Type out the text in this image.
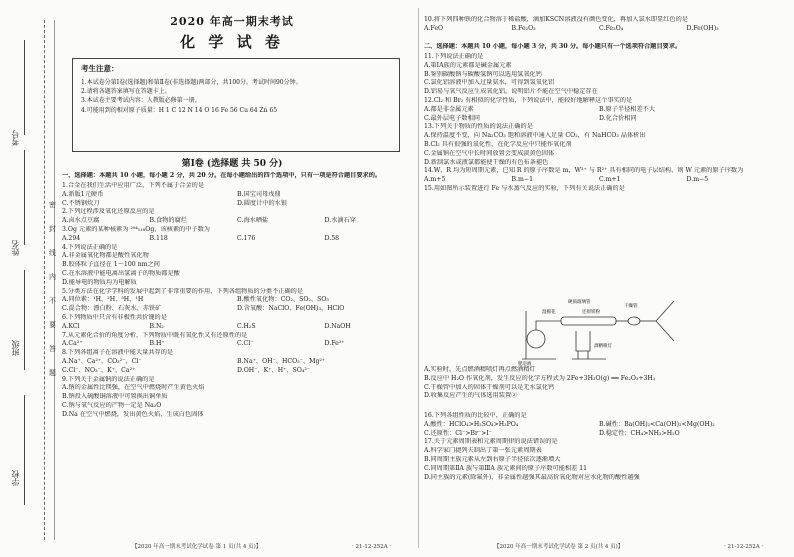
学校
班级
姓名
考号
密
封
线
内
不
要
答
题
2020 年高一期末考试
化 学 试 卷
考生注意：
1.本试卷分第Ⅰ卷(选择题)和第Ⅱ卷(非选择题)两部分，共100分。考试时间90分钟。
2.请将各题答案填写在答题卡上。
3.本试卷主要考试内容：人教版必修第一册。
4.可能用到的相对原子质量：H 1 C 12 N 14 O 16 Fe 56 Cu 64 Zn 65
第Ⅰ卷 (选择题 共 50 分)
一、选择题：本题共 10 小题，每小题 2 分，共 20 分。在每小题给出的四个选项中，只有一项是符合题目要求的。
1.合金在我们生活中应用广泛，下列不属于合金的是
A.新版1元硬币	B.国宝司母戊鼎
C.不锈钢炊刀	D.圆度计中的水银
2.下列过程涉及氧化还原反应的是
A.卤水点豆腐	B.食物的腐烂	C.海水晒盐	D.水滴石穿
3.Og 元素的某种核素为 ²⁹⁴₁₁₈Og，该核素的中子数为
A.294	B.118	C.176	D.58
4.下列说法正确的是
A.非金属氧化物都是酸性氧化物
B.胶体粒子直径在 1～100 nm之间
C.在水溶液中能电离出氢离子的物质都是酸
D.能导电的物质均为电解质
5.分类方法在化学学科的发展中起到了非常重要的作用，下列各组物质的分类不正确的是
A.同位素：¹H、²H、³H、¹H	B.酸性氧化物：CO₂、SO₂、SO₃
C.混合物：漂白粉、石灰水、赤铁矿	D.含氧酸：NaClO、Fe(OH)₃、HClO
6.下列物质中只含有非极性共价键的是
A.KCl	B.N₂	C.H₂S	D.NaOH
7.从元素化合价的角度分析，下列物质中既有氧化性又有还原性的是
A.Ca²⁺	B.H⁺	C.Cl⁻	D.Fe²⁺
8.下列各组离子在溶液中能大量共存的是
A.Na⁺、Ca²⁺、CO₃²⁻、Cl⁻	B.Na⁺、OH⁻、HCO₃⁻、Mg²⁺
C.Cl⁻、NO₃⁻、K⁺、Ca²⁺	D.OH⁻、K⁺、H⁺、SO₄²⁻
9.下列关于金属钠的说法正确的是
A.钠的金属性比镁强，在空气中燃烧时产生黄色火焰
B.钠投入硫酸铜溶液中可置换出铜单质
C.钠与氧气反应的产物一定是 Na₂O
D.Na 在空气中燃烧，发出黄色火焰，生成白色固体
【2020 年高一期末考试化学试卷 第 1 页(共 4 页)】	· 21-12-252A ·
10.将下列四种铁的化合物溶于稀盐酸，滴加KSCN溶液没有颜色变化，再加入氯水即显红色的是
A.FeO	B.Fe₂O₃	C.Fe₃O₄	D.Fe(OH)₃
二、选择题：本题共 10 小题，每小题 3 分，共 30 分。每小题只有一个选项符合题目要求。
11.下列说法正确的是
A.第ⅠA族的元素都是碱金属元素
B.鉴别碳酸钠与碳酸氢钠可以选用氢氧化钙
C.氯化铝溶液中加入过量氨水，可得到氢氧化铝
D.铝易与氧气反应生成氧化铝，说明铝片不能在空气中稳定存在
12.Cl₂ 和 Br₂ 有相似的化学性质，下列说法中，能较好地解释这个事实的是
A.都是非金属元素	B.原子半径相差不大
C.最外层电子数相同	D.化合价相同
13.下列关于物质的性质的说法正确的是
A.保持温度不变，向 Na₂CO₃ 饱和溶液中通入足量 CO₂，有 NaHCO₃ 晶体析出
B.Cl₂ 具有很强的氧化性，在化学反应中只能作氧化剂
C.金属钠在空气中长时间放置会变成淡黄色固体
D.新制氯水或液氯都能使干燥的有色布条褪色
14.W、R 均为短周期元素，已知 R 的原子序数是 m，W³⁺ 与 R²⁺ 具有相同的电子层结构，则 W 元素的原子序数为
A.m+5	B.m−1	C.m+1	D.m−5
15.用如图所示装置进行 Fe 与水蒸气反应的实验，下列有关说法正确的是
硬质玻璃管
干燥管
湿棉花	还原铁粉
酒精喷灯
肥皂液
A.实验时，先点燃酒精喷灯再点燃酒精灯
B.反应中 H₂O 作氧化剂，发生反应的化学方程式为 2Fe+3H₂O(g) ══ Fe₂O₃+3H₂
C.干燥管中加入的固体干燥剂可以是无水氯化钙
D.收集反应产生的气体选用装置②
16.下列各组性质的比较中，正确的是
A.酸性：HClO₄>H₂SO₄>H₃PO₄	B.碱性：Ba(OH)₂<Ca(OH)₂<Mg(OH)₂
C.还原性：Cl⁻>Br⁻>I⁻	D.稳定性：CH₄>NH₃>H₂O
17.关于元素周期表和元素周期律的说法错误的是
A.科学家门捷列夫制出了第一张元素周期表
B.同周期主族元素从左到右原子半径依次逐渐增大
C.同周期第ⅡA 族与第ⅢA 族元素间的原子序数可能相差 11
D.同主族的元素(除氟外)，非金属性越强其最高价氧化物对应水化物的酸性越强
【2020 年高一期末考试化学试卷 第 2 页(共 4 页)】	· 21-12-252A ·
